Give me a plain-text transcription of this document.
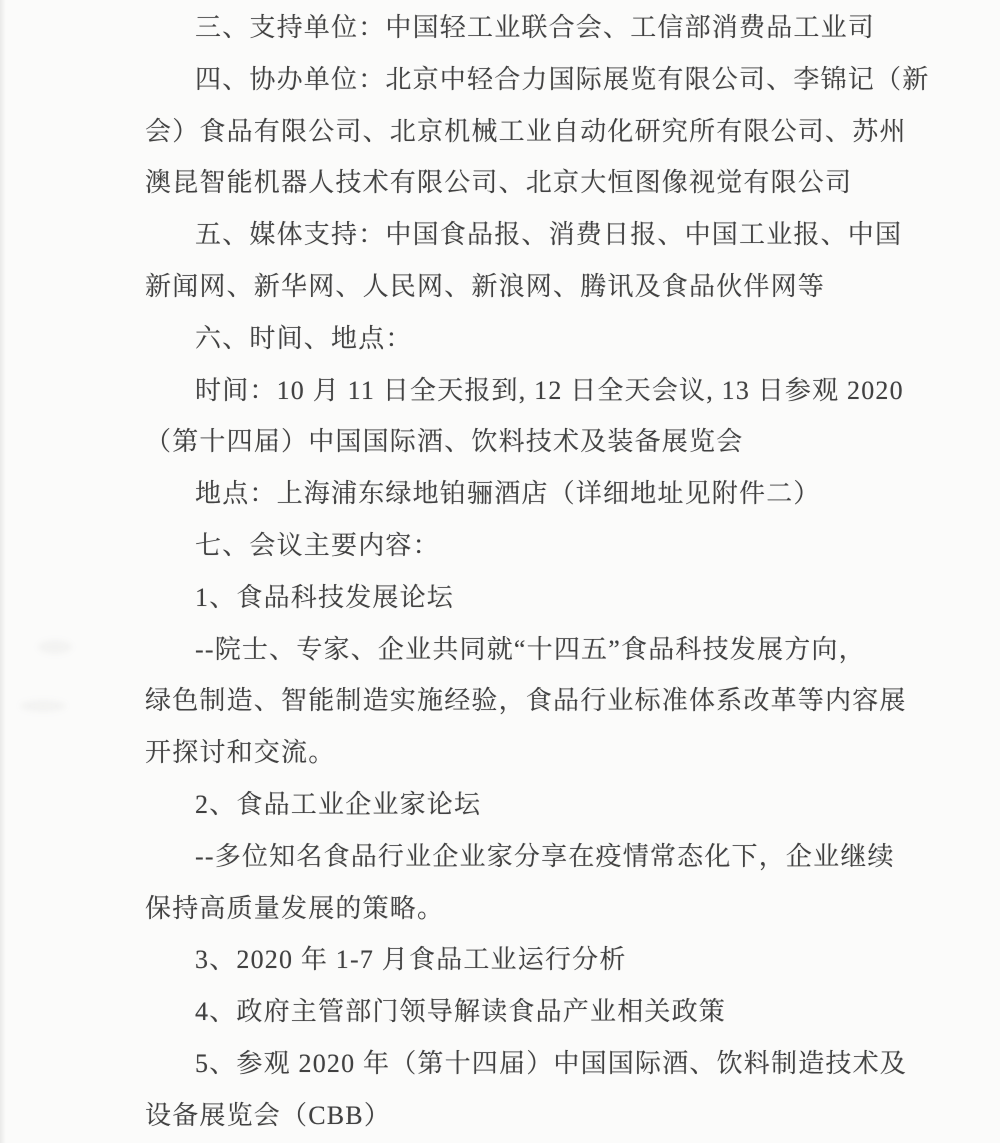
三、支持单位：中国轻工业联合会、工信部消费品工业司

四、协办单位：北京中轻合力国际展览有限公司、李锦记（新

会）食品有限公司、北京机械工业自动化研究所有限公司、苏州

澳昆智能机器人技术有限公司、北京大恒图像视觉有限公司

五、媒体支持：中国食品报、消费日报、中国工业报、中国

新闻网、新华网、人民网、新浪网、腾讯及食品伙伴网等

六、时间、地点：

时间：10 月 11 日全天报到, 12 日全天会议, 13 日参观 2020

（第十四届）中国国际酒、饮料技术及装备展览会

地点：上海浦东绿地铂骊酒店（详细地址见附件二）

七、会议主要内容：

1、食品科技发展论坛

--院士、专家、企业共同就“十四五”食品科技发展方向，

绿色制造、智能制造实施经验，食品行业标准体系改革等内容展

开探讨和交流。

2、食品工业企业家论坛

--多位知名食品行业企业家分享在疫情常态化下，企业继续

保持高质量发展的策略。

3、2020 年 1-7 月食品工业运行分析

4、政府主管部门领导解读食品产业相关政策

5、参观 2020 年（第十四届）中国国际酒、饮料制造技术及

设备展览会（CBB）
